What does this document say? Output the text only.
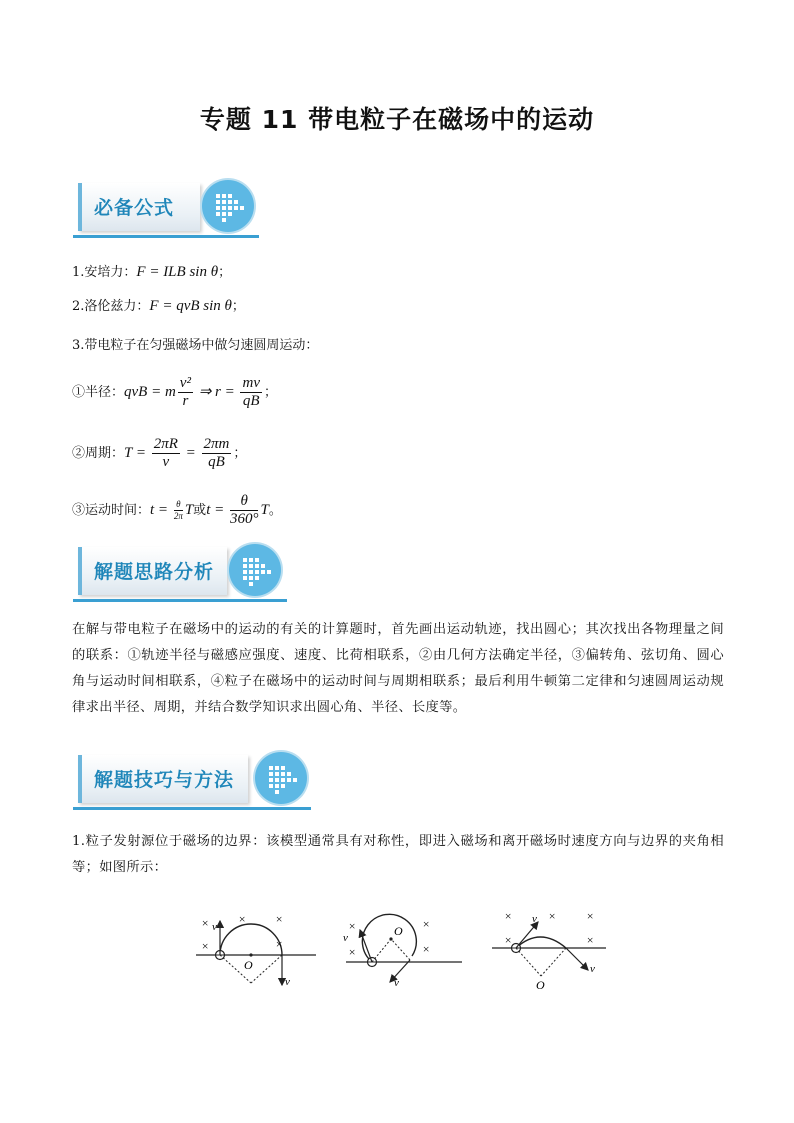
专题 11 带电粒子在磁场中的运动
必备公式
1.安培力：F = ILB sin θ；
2.洛伦兹力：F = qvB sin θ；
3.带电粒子在匀强磁场中做匀速圆周运动：
①半径：qvB = m $\frac{\text{v²}}{r}$ ⇒ $r = \frac{mv}{qB}$ ；
②周期：$T = \frac{2\pi R}{v} = \frac{2\pi m}{qB}$ ；
③运动时间：$t = \frac{\theta}{2\pi}$ T或$t = \frac{\theta}{360^\circ}$ T。
解题思路分析
在解与带电粒子在磁场中的运动的有关的计算题时，首先画出运动轨迹，找出圆心；其次找出各物理量之间的联系：①轨迹半径与磁感应强度、速度、比荷相联系，②由几何方法确定半径，③偏转角、弦切角、圆心角与运动时间相联系，④粒子在磁场中的运动时间与周期相联系；最后利用牛顿第二定律和匀速圆周运动规律求出半径、周期，并结合数学知识求出圆心角、半径、长度等。
解题技巧与方法
1.粒子发射源位于磁场的边界：该模型通常具有对称性，即进入磁场和离开磁场时速度方向与边界的夹角相等；如图所示：
v
v
O
× × ×
×	×	v
v
O
×	×
×	×
v
v
O
×	× ×
×	×
